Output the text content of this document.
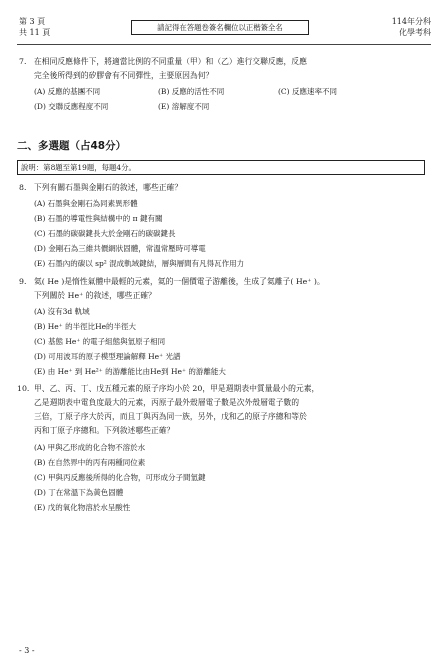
第 3 頁
共 11 頁
請記得在答題卷簽名欄位以正楷簽全名
114年分科
化學考科
7. 在相同反應條件下，將適當比例的不同重量（甲）和（乙）進行交聯反應，反應
完全後所得到的矽膠會有不同彈性，主要原因為何？
(A) 反應的基團不同	(B) 反應的活性不同	(C) 反應速率不同
(D) 交聯反應程度不同	(E) 溶解度不同
二、多選題（占48分）
說明：第8題至第19題，每題4分。
8. 下列有關石墨與金剛石的敘述，哪些正確？
(A) 石墨與金剛石為同素異形體
(B) 石墨的導電性與結構中的 π 鍵有關
(C) 石墨的碳碳鍵長大於金剛石的碳碳鍵長
(D) 金剛石為三維共價網狀固體，常溫常壓時可導電
(E) 石墨內的碳以 sp² 混成軌域鍵結，層與層間有凡得瓦作用力
9. 氦( He )是惰性氣體中最輕的元素，氦的一個價電子游離後，生成了氦離子( He⁺ )。
下列關於 He⁺ 的敘述，哪些正確？
(A) 沒有3d 軌域
(B) He⁺ 的半徑比He的半徑大
(C) 基態 He⁺ 的電子組態與氫原子相同
(D) 可用波耳的原子模型理論解釋 He⁺ 光譜
(E) 由 He⁺ 到 He²⁺ 的游離能比由He到 He⁺ 的游離能大
10. 甲、乙、丙、丁、戊五種元素的原子序均小於 20，甲是週期表中質量最小的元素，
乙是週期表中電負度最大的元素，丙原子最外殼層電子數是次外殼層電子數的
三倍，丁原子序大於丙，而且丁與丙為同一族，另外，戊和乙的原子序總和等於
丙和丁原子序總和。下列敘述哪些正確？
(A) 甲與乙形成的化合物不溶於水
(B) 在自然界中的丙有兩種同位素
(C) 甲與丙反應後所得的化合物，可形成分子間氫鍵
(D) 丁在常溫下為黃色固體
(E) 戊的氧化物溶於水呈酸性
- 3 -
